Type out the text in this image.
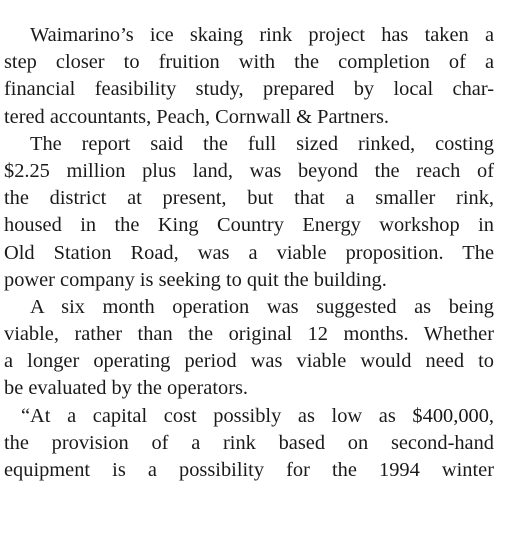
Waimarino’s ice skaing rink project has taken a
step closer to fruition with the completion of a
financial feasibility study, prepared by local char-
tered accountants, Peach, Cornwall & Partners.
The report said the full sized rinked, costing
$2.25 million plus land, was beyond the reach of
the district at present, but that a smaller rink,
housed in the King Country Energy workshop in
Old Station Road, was a viable proposition. The
power company is seeking to quit the building.
A six month operation was suggested as being
viable, rather than the original 12 months. Whether
a longer operating period was viable would need to
be evaluated by the operators.
“At a capital cost possibly as low as $400,000,
the provision of a rink based on second-hand
equipment is a possibility for the 1994 winter
